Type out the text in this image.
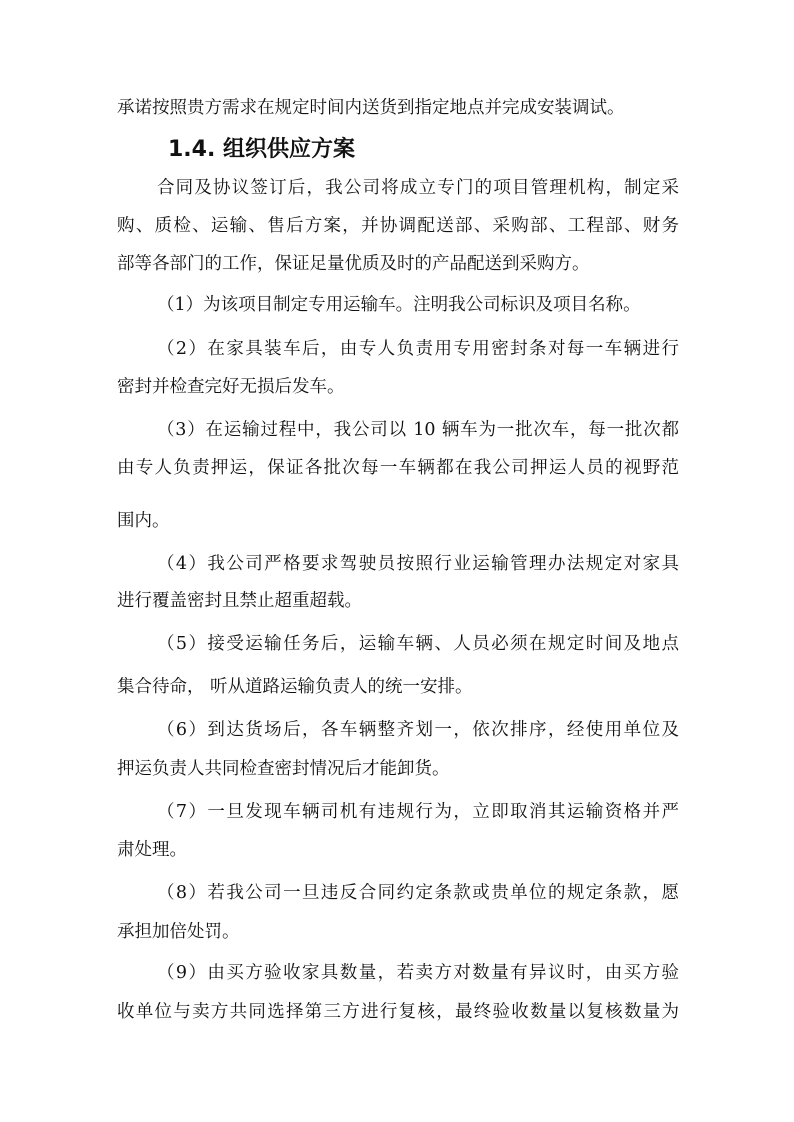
承诺按照贵方需求在规定时间内送货到指定地点并完成安装调试。
1.4. 组织供应方案
合同及协议签订后，我公司将成立专门的项目管理机构，制定采
购、质检、运输、售后方案，并协调配送部、采购部、工程部、财务
部等各部门的工作，保证足量优质及时的产品配送到采购方。
（1）为该项目制定专用运输车。注明我公司标识及项目名称。
（2）在家具装车后，由专人负责用专用密封条对每一车辆进行
密封并检查完好无损后发车。
（3）在运输过程中，我公司以 10 辆车为一批次车，每一批次都
由专人负责押运，保证各批次每一车辆都在我公司押运人员的视野范
围内。
（4）我公司严格要求驾驶员按照行业运输管理办法规定对家具
进行覆盖密封且禁止超重超载。
（5）接受运输任务后，运输车辆、人员必须在规定时间及地点
集合待命， 听从道路运输负责人的统一安排。
（6）到达货场后，各车辆整齐划一，依次排序，经使用单位及
押运负责人共同检查密封情况后才能卸货。
（7）一旦发现车辆司机有违规行为，立即取消其运输资格并严
肃处理。
（8）若我公司一旦违反合同约定条款或贵单位的规定条款，愿
承担加倍处罚。
（9）由买方验收家具数量，若卖方对数量有异议时，由买方验
收单位与卖方共同选择第三方进行复核，最终验收数量以复核数量为
